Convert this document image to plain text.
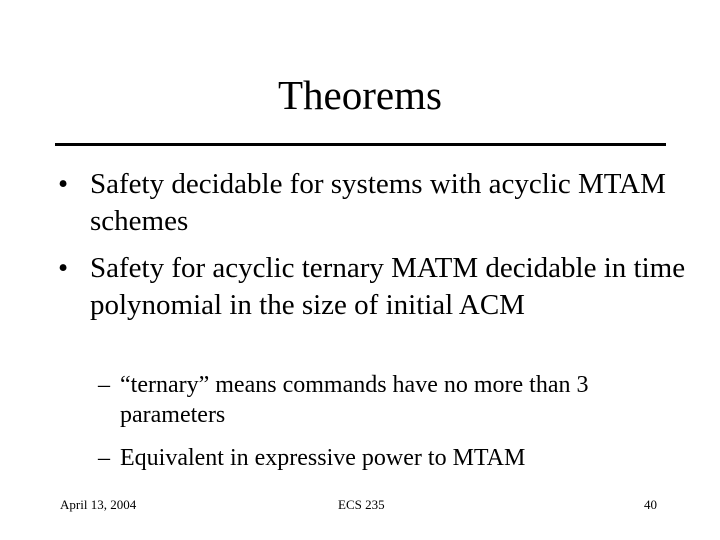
Theorems
• Safety decidable for systems with acyclic MTAM schemes
• Safety for acyclic ternary MATM decidable in time polynomial in the size of initial ACM
– “ternary” means commands have no more than 3 parameters
– Equivalent in expressive power to MTAM
April 13, 2004	ECS 235	40
